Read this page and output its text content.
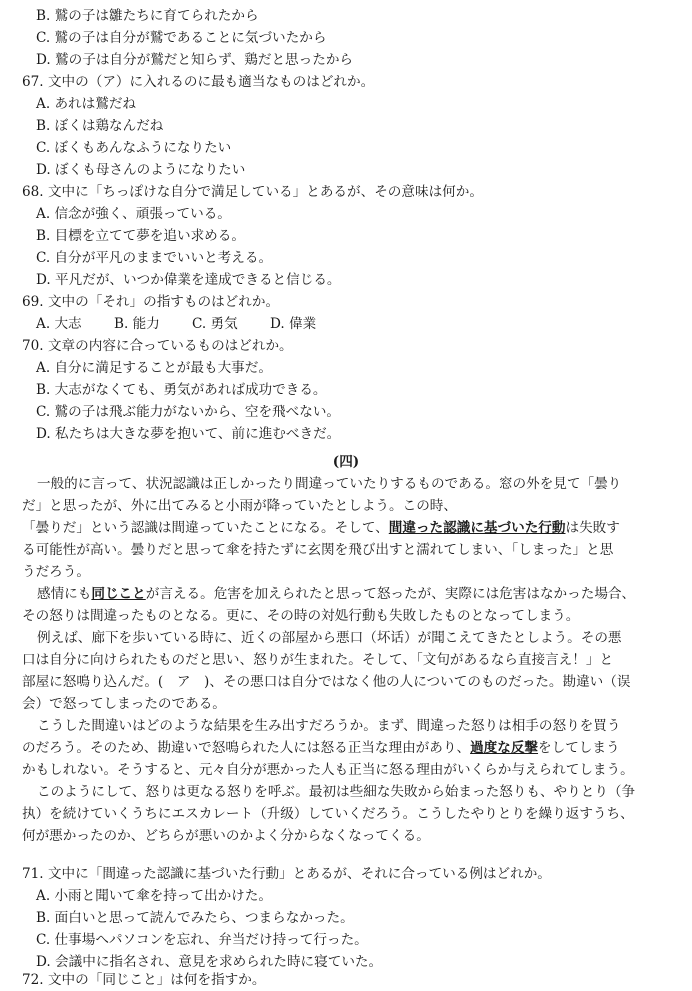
B. 鷲の子は雛たちに育てられたから
C. 鷲の子は自分が鷲であることに気づいたから
D. 鷲の子は自分が鷲だと知らず、鶏だと思ったから
67. 文中の（ア）に入れるのに最も適当なものはどれか。
A. あれは鷲だね
B. ぼくは鶏なんだね
C. ぼくもあんなふうになりたい
D. ぼくも母さんのようになりたい
68. 文中に「ちっぽけな自分で満足している」とあるが、その意味は何か。
A. 信念が強く、頑張っている。
B. 目標を立てて夢を追い求める。
C. 自分が平凡のままでいいと考える。
D. 平凡だが、いつか偉業を達成できると信じる。
69. 文中の「それ」の指すものはどれか。
A. 大志 B. 能力 C. 勇気 D. 偉業
70. 文章の内容に合っているものはどれか。
A. 自分に満足することが最も大事だ。
B. 大志がなくても、勇気があれば成功できる。
C. 鷲の子は飛ぶ能力がないから、空を飛べない。
D. 私たちは大きな夢を抱いて、前に進むべきだ。
(四)
一般的に言って、状況認識は正しかったり間違っていたりするものである。窓の外を見て「曇り
だ」と思ったが、外に出てみると小雨が降っていたとしよう。この時、
「曇りだ」という認識は間違っていたことになる。そして、間違った認識に基づいた行動は失敗す
る可能性が高い。曇りだと思って傘を持たずに玄関を飛び出すと濡れてしまい、「しまった」と思
うだろう。
感情にも同じことが言える。危害を加えられたと思って怒ったが、実際には危害はなかった場合、
その怒りは間違ったものとなる。更に、その時の対処行動も失敗したものとなってしまう。
例えば、廊下を歩いている時に、近くの部屋から悪口（坏话）が聞こえてきたとしよう。その悪
口は自分に向けられたものだと思い、怒りが生まれた。そして、「文句があるなら直接言え！」と
部屋に怒鳴り込んだ。(　ア　)、その悪口は自分ではなく他の人についてのものだった。勘違い（误
会）で怒ってしまったのである。
こうした間違いはどのような結果を生み出すだろうか。まず、間違った怒りは相手の怒りを買う
のだろう。そのため、勘違いで怒鳴られた人には怒る正当な理由があり、過度な反撃をしてしまう
かもしれない。そうすると、元々自分が悪かった人も正当に怒る理由がいくらか与えられてしまう。
このようにして、怒りは更なる怒りを呼ぶ。最初は些細な失敗から始まった怒りも、やりとり（争
执）を続けていくうちにエスカレート（升级）していくだろう。こうしたやりとりを繰り返すうち、
何が悪かったのか、どちらが悪いのかよく分からなくなってくる。
71. 文中に「間違った認識に基づいた行動」とあるが、それに合っている例はどれか。
A. 小雨と聞いて傘を持って出かけた。
B. 面白いと思って読んでみたら、つまらなかった。
C. 仕事場へパソコンを忘れ、弁当だけ持って行った。
D. 会議中に指名され、意見を求められた時に寝ていた。
72. 文中の「同じこと」は何を指すか。
